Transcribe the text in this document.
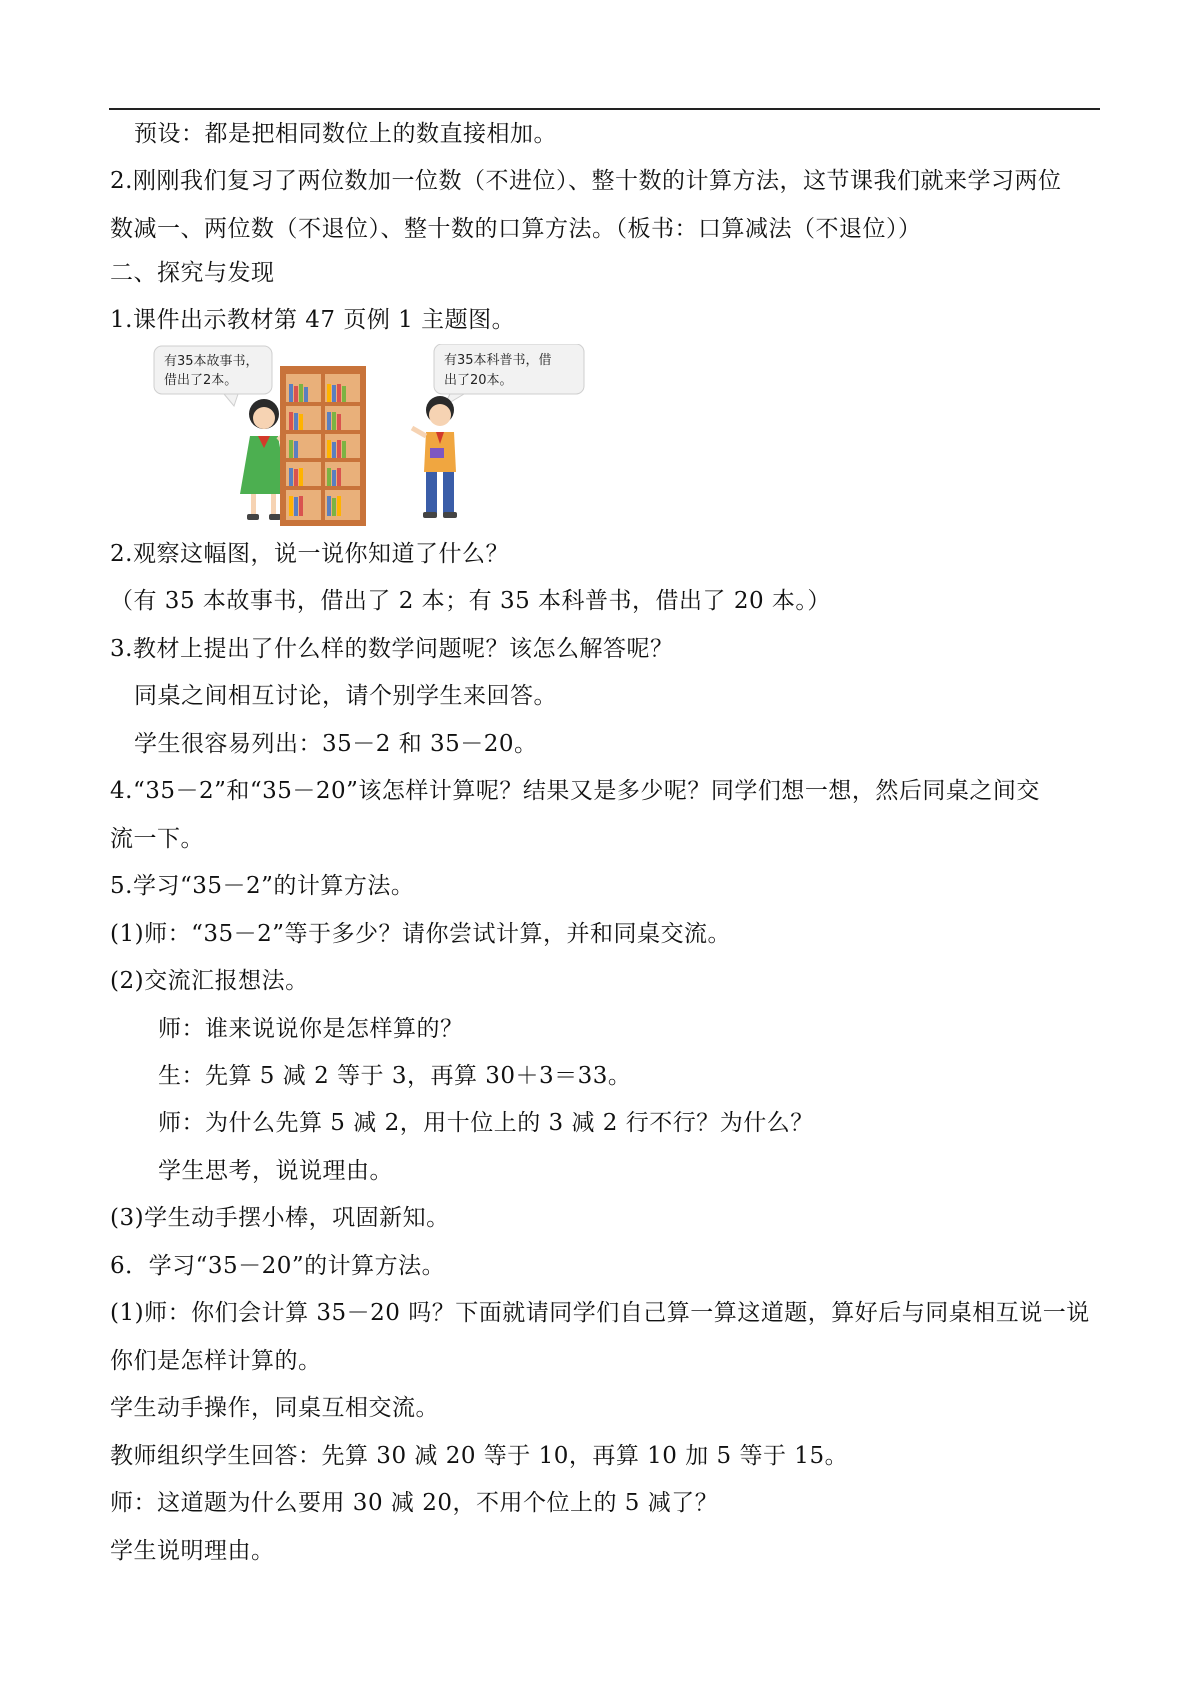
预设：都是把相同数位上的数直接相加。
2.刚刚我们复习了两位数加一位数（不进位）、整十数的计算方法，这节课我们就来学习两位
数减一、两位数（不退位）、整十数的口算方法。（板书：口算减法（不退位））
二、探究与发现
1.课件出示教材第 47 页例 1 主题图。
有35本故事书，
借出了2本。
有35本科普书，借
出了20本。
2.观察这幅图，说一说你知道了什么？
（有 35 本故事书，借出了 2 本；有 35 本科普书，借出了 20 本。）
3.教材上提出了什么样的数学问题呢？该怎么解答呢？
同桌之间相互讨论，请个别学生来回答。
学生很容易列出：35－2 和 35－20。
4.“35－2”和“35－20”该怎样计算呢？结果又是多少呢？同学们想一想，然后同桌之间交
流一下。
5.学习“35－2”的计算方法。
(1)师：“35－2”等于多少？请你尝试计算，并和同桌交流。
(2)交流汇报想法。
师：谁来说说你是怎样算的？
生：先算 5 减 2 等于 3，再算 30＋3＝33。
师：为什么先算 5 减 2，用十位上的 3 减 2 行不行？为什么？
学生思考，说说理由。
(3)学生动手摆小棒，巩固新知。
6．学习“35－20”的计算方法。
(1)师：你们会计算 35－20 吗？下面就请同学们自己算一算这道题，算好后与同桌相互说一说
你们是怎样计算的。
学生动手操作，同桌互相交流。
教师组织学生回答：先算 30 减 20 等于 10，再算 10 加 5 等于 15。
师：这道题为什么要用 30 减 20，不用个位上的 5 减了？
学生说明理由。
